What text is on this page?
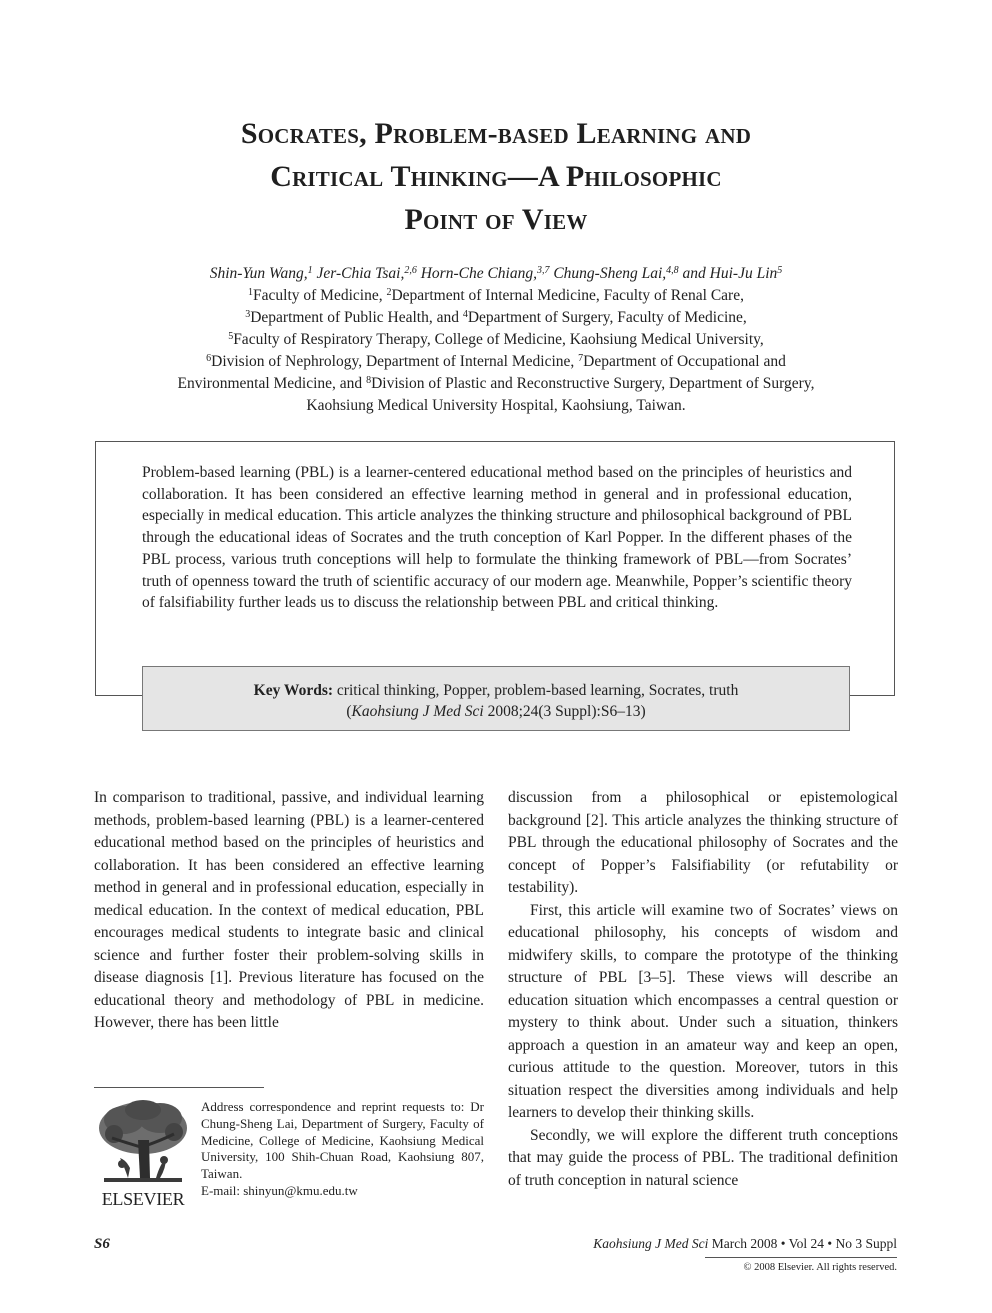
Socrates, Problem-based Learning and
Critical Thinking—A Philosophic
Point of View
Shin-Yun Wang,$^1$ Jer-Chia Tsai,$^{2,6}$ Horn-Che Chiang,$^{3,7}$ Chung-Sheng Lai,$^{4,8}$ and Hui-Ju Lin$^5$
$^1$Faculty of Medicine, $^2$Department of Internal Medicine, Faculty of Renal Care,
$^3$Department of Public Health, and $^4$Department of Surgery, Faculty of Medicine,
$^5$Faculty of Respiratory Therapy, College of Medicine, Kaohsiung Medical University,
$^6$Division of Nephrology, Department of Internal Medicine, $^7$Department of Occupational and
Environmental Medicine, and $^8$Division of Plastic and Reconstructive Surgery, Department of Surgery,
Kaohsiung Medical University Hospital, Kaohsiung, Taiwan.
Problem-based learning (PBL) is a learner-centered educational method based on the principles of heuristics and collaboration. It has been considered an effective learning method in general and in professional education, especially in medical education. This article analyzes the thinking structure and philosophical background of PBL through the educational ideas of Socrates and the truth conception of Karl Popper. In the different phases of the PBL process, various truth conceptions will help to formulate the thinking framework of PBL—from Socrates’ truth of openness toward the truth of scientific accuracy of our modern age. Meanwhile, Popper’s scientific theory of falsifiability further leads us to discuss the relationship between PBL and critical thinking.
Key Words: critical thinking, Popper, problem-based learning, Socrates, truth
(Kaohsiung J Med Sci 2008;24(3 Suppl):S6–13)

In comparison to traditional, passive, and individual learning methods, problem-based learning (PBL) is a learner-centered educational method based on the principles of heuristics and collaboration. It has been considered an effective learning method in general and in professional education, especially in medical education. In the context of medical education, PBL encourages medical students to integrate basic and clinical science and further foster their problem-solving skills in disease diagnosis [1]. Previous literature has focused on the educational theory and methodology of PBL in medicine. However, there has been little

discussion from a philosophical or epistemological background [2]. This article analyzes the thinking structure of PBL through the educational philosophy of Socrates and the concept of Popper’s Falsifiability (or refutability or testability).

First, this article will examine two of Socrates’ views on educational philosophy, his concepts of wisdom and midwifery skills, to compare the prototype of the thinking structure of PBL [3–5]. These views will describe an education situation which encompasses a central question or mystery to think about. Under such a situation, thinkers approach a question in an amateur way and keep an open, curious attitude to the question. Moreover, tutors in this situation respect the diversities among individuals and help learners to develop their thinking skills.

Secondly, we will explore the different truth conceptions that may guide the process of PBL. The traditional definition of truth conception in natural science

ELSEVIER
Address correspondence and reprint requests to: Dr Chung-Sheng Lai, Department of Surgery, Faculty of Medicine, College of Medicine, Kaohsiung Medical University, 100 Shih-Chuan Road, Kaohsiung 807, Taiwan.
E-mail: shinyun@kmu.edu.tw
S6	Kaohsiung J Med Sci March 2008 • Vol 24 • No 3 Suppl
© 2008 Elsevier. All rights reserved.
